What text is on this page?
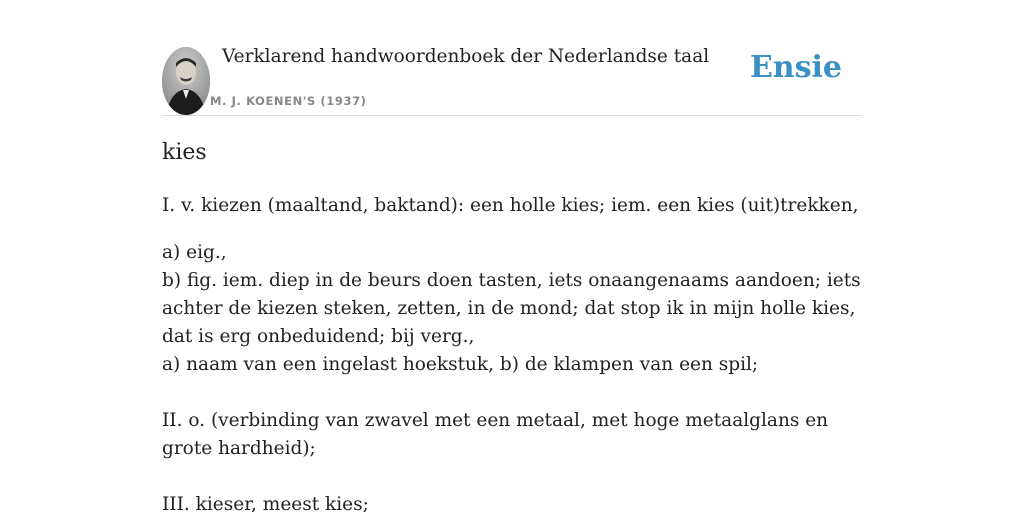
Verklarend handwoordenboek der Nederlandse taal
M. J. KOENEN'S (1937)
Ensie
kies

I. v. kiezen (maaltand, baktand): een holle kies; iem. een kies (uit)trekken,

a) eig.,

b) fig. iem. diep in de beurs doen tasten, iets onaangenaams aandoen; iets achter de kiezen steken, zetten, in de mond; dat stop ik in mijn holle kies, dat is erg onbeduidend; bij verg.,

a) naam van een ingelast hoekstuk, b) de klampen van een spil;

II. o. (verbinding van zwavel met een metaal, met hoge metaalglans en grote hardheid);

III. kieser, meest kies;
